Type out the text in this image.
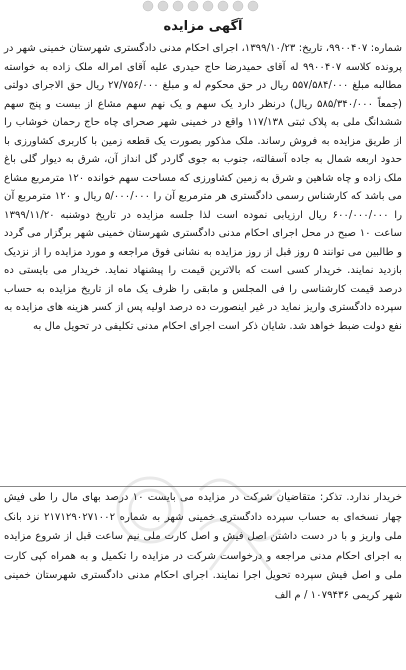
آگهی مزایده

شماره: ۹۹۰۰۴۰۷، تاریخ: ۱۳۹۹/۱۰/۲۳، اجرای احکام مدنی دادگستری شهرستان خمینی شهر در پرونده کلاسه ۹۹۰۰۴۰۷ له آقای حمیدرضا حاج حیدری علیه آقای امراله ملک زاده به خواسته مطالبه مبلغ ۵۵۷/۵۸۴/۰۰۰ ریال در حق محکوم له و مبلغ ۲۷/۷۵۶/۰۰۰ ریال حق الاجرای دولتی (جمعاً ۵۸۵/۳۴۰/۰۰۰ ریال) درنظر دارد یک سهم و یک نهم سهم مشاع از بیست و پنج سهم ششدانگ ملی به پلاک ثبتی ۱۱۷/۱۳۸ واقع در خمینی شهر صحرای چاه حاج رحمان خوشاب را از طریق مزایده به فروش رساند. ملک مذکور بصورت یک قطعه زمین با کاربری کشاورزی با حدود اربعه شمال به جاده آسفالته، جنوب به جوی گاردر گل انداز آن، شرق به دیوار گلی باغ ملک زاده و چاه شاهین و شرق به زمین کشاورزی که مساحت سهم خوانده ۱۲۰ مترمربع مشاع می باشد که کارشناس رسمی دادگستری هر مترمربع آن را ۵/۰۰۰/۰۰۰ ریال و ۱۲۰ مترمربع آن را ۶۰۰/۰۰۰/۰۰۰ ریال ارزیابی نموده است لذا جلسه مزایده در تاریخ دوشنبه ۱۳۹۹/۱۱/۲۰ ساعت ۱۰ صبح در محل اجرای احکام مدنی دادگستری شهرستان خمینی شهر برگزار می گردد و طالبین می توانند ۵ روز قبل از روز مزایده به نشانی فوق مراجعه و مورد مزایده را از نزدیک بازدید نمایند. خریدار کسی است که بالاترین قیمت را پیشنهاد نماید. خریدار می بایستی ده درصد قیمت کارشناسی را فی المجلس و مابقی را ظرف یک ماه از تاریخ مزایده به حساب سپرده دادگستری واریز نماید در غیر اینصورت ده درصد اولیه پس از کسر هزینه های مزایده به نفع دولت ضبط خواهد شد. شایان ذکر است اجرای احکام مدنی تکلیفی در تحویل مال به

خریدار ندارد. تذکر: متقاضیان شرکت در مزایده می بایست ۱۰ درصد بهای مال را طی فیش چهار نسخه‌ای به حساب سپرده دادگستری خمینی شهر به شماره ۲۱۷۱۲۹۰۲۷۱۰۰۲ نزد بانک ملی واریز و با در دست داشتن اصل فیش و اصل کارت ملی نیم ساعت قبل از شروع مزایده به اجرای احکام مدنی مراجعه و درخواست شرکت در مزایده را تکمیل و به همراه کپی کارت ملی و اصل فیش سپرده تحویل اجرا نمایند. اجرای احکام مدنی دادگستری شهرستان خمینی شهر کریمی ۱۰۷۹۴۳۶ / م الف
